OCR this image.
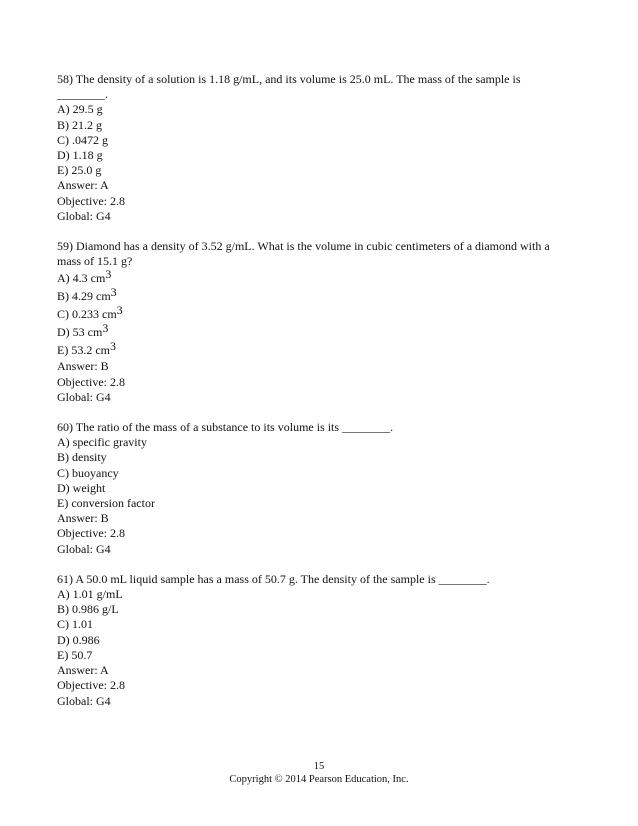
58) The density of a solution is 1.18 g/mL, and its volume is 25.0 mL. The mass of the sample is
________.
A) 29.5 g
B) 21.2 g
C) .0472 g
D) 1.18 g
E) 25.0 g
Answer: A
Objective: 2.8
Global: G4
59) Diamond has a density of 3.52 g/mL. What is the volume in cubic centimeters of a diamond with a
mass of 15.1 g?
A) 4.3 $cm^3$
B) 4.29 $cm^3$
C) 0.233 $cm^3$
D) 53 $cm^3$
E) 53.2 $cm^3$
Answer: B
Objective: 2.8
Global: G4
60) The ratio of the mass of a substance to its volume is its ________.
A) specific gravity
B) density
C) buoyancy
D) weight
E) conversion factor
Answer: B
Objective: 2.8
Global: G4
61) A 50.0 mL liquid sample has a mass of 50.7 g. The density of the sample is ________.
A) 1.01 g/mL
B) 0.986 g/L
C) 1.01
D) 0.986
E) 50.7
Answer: A
Objective: 2.8
Global: G4
15
Copyright © 2014 Pearson Education, Inc.
